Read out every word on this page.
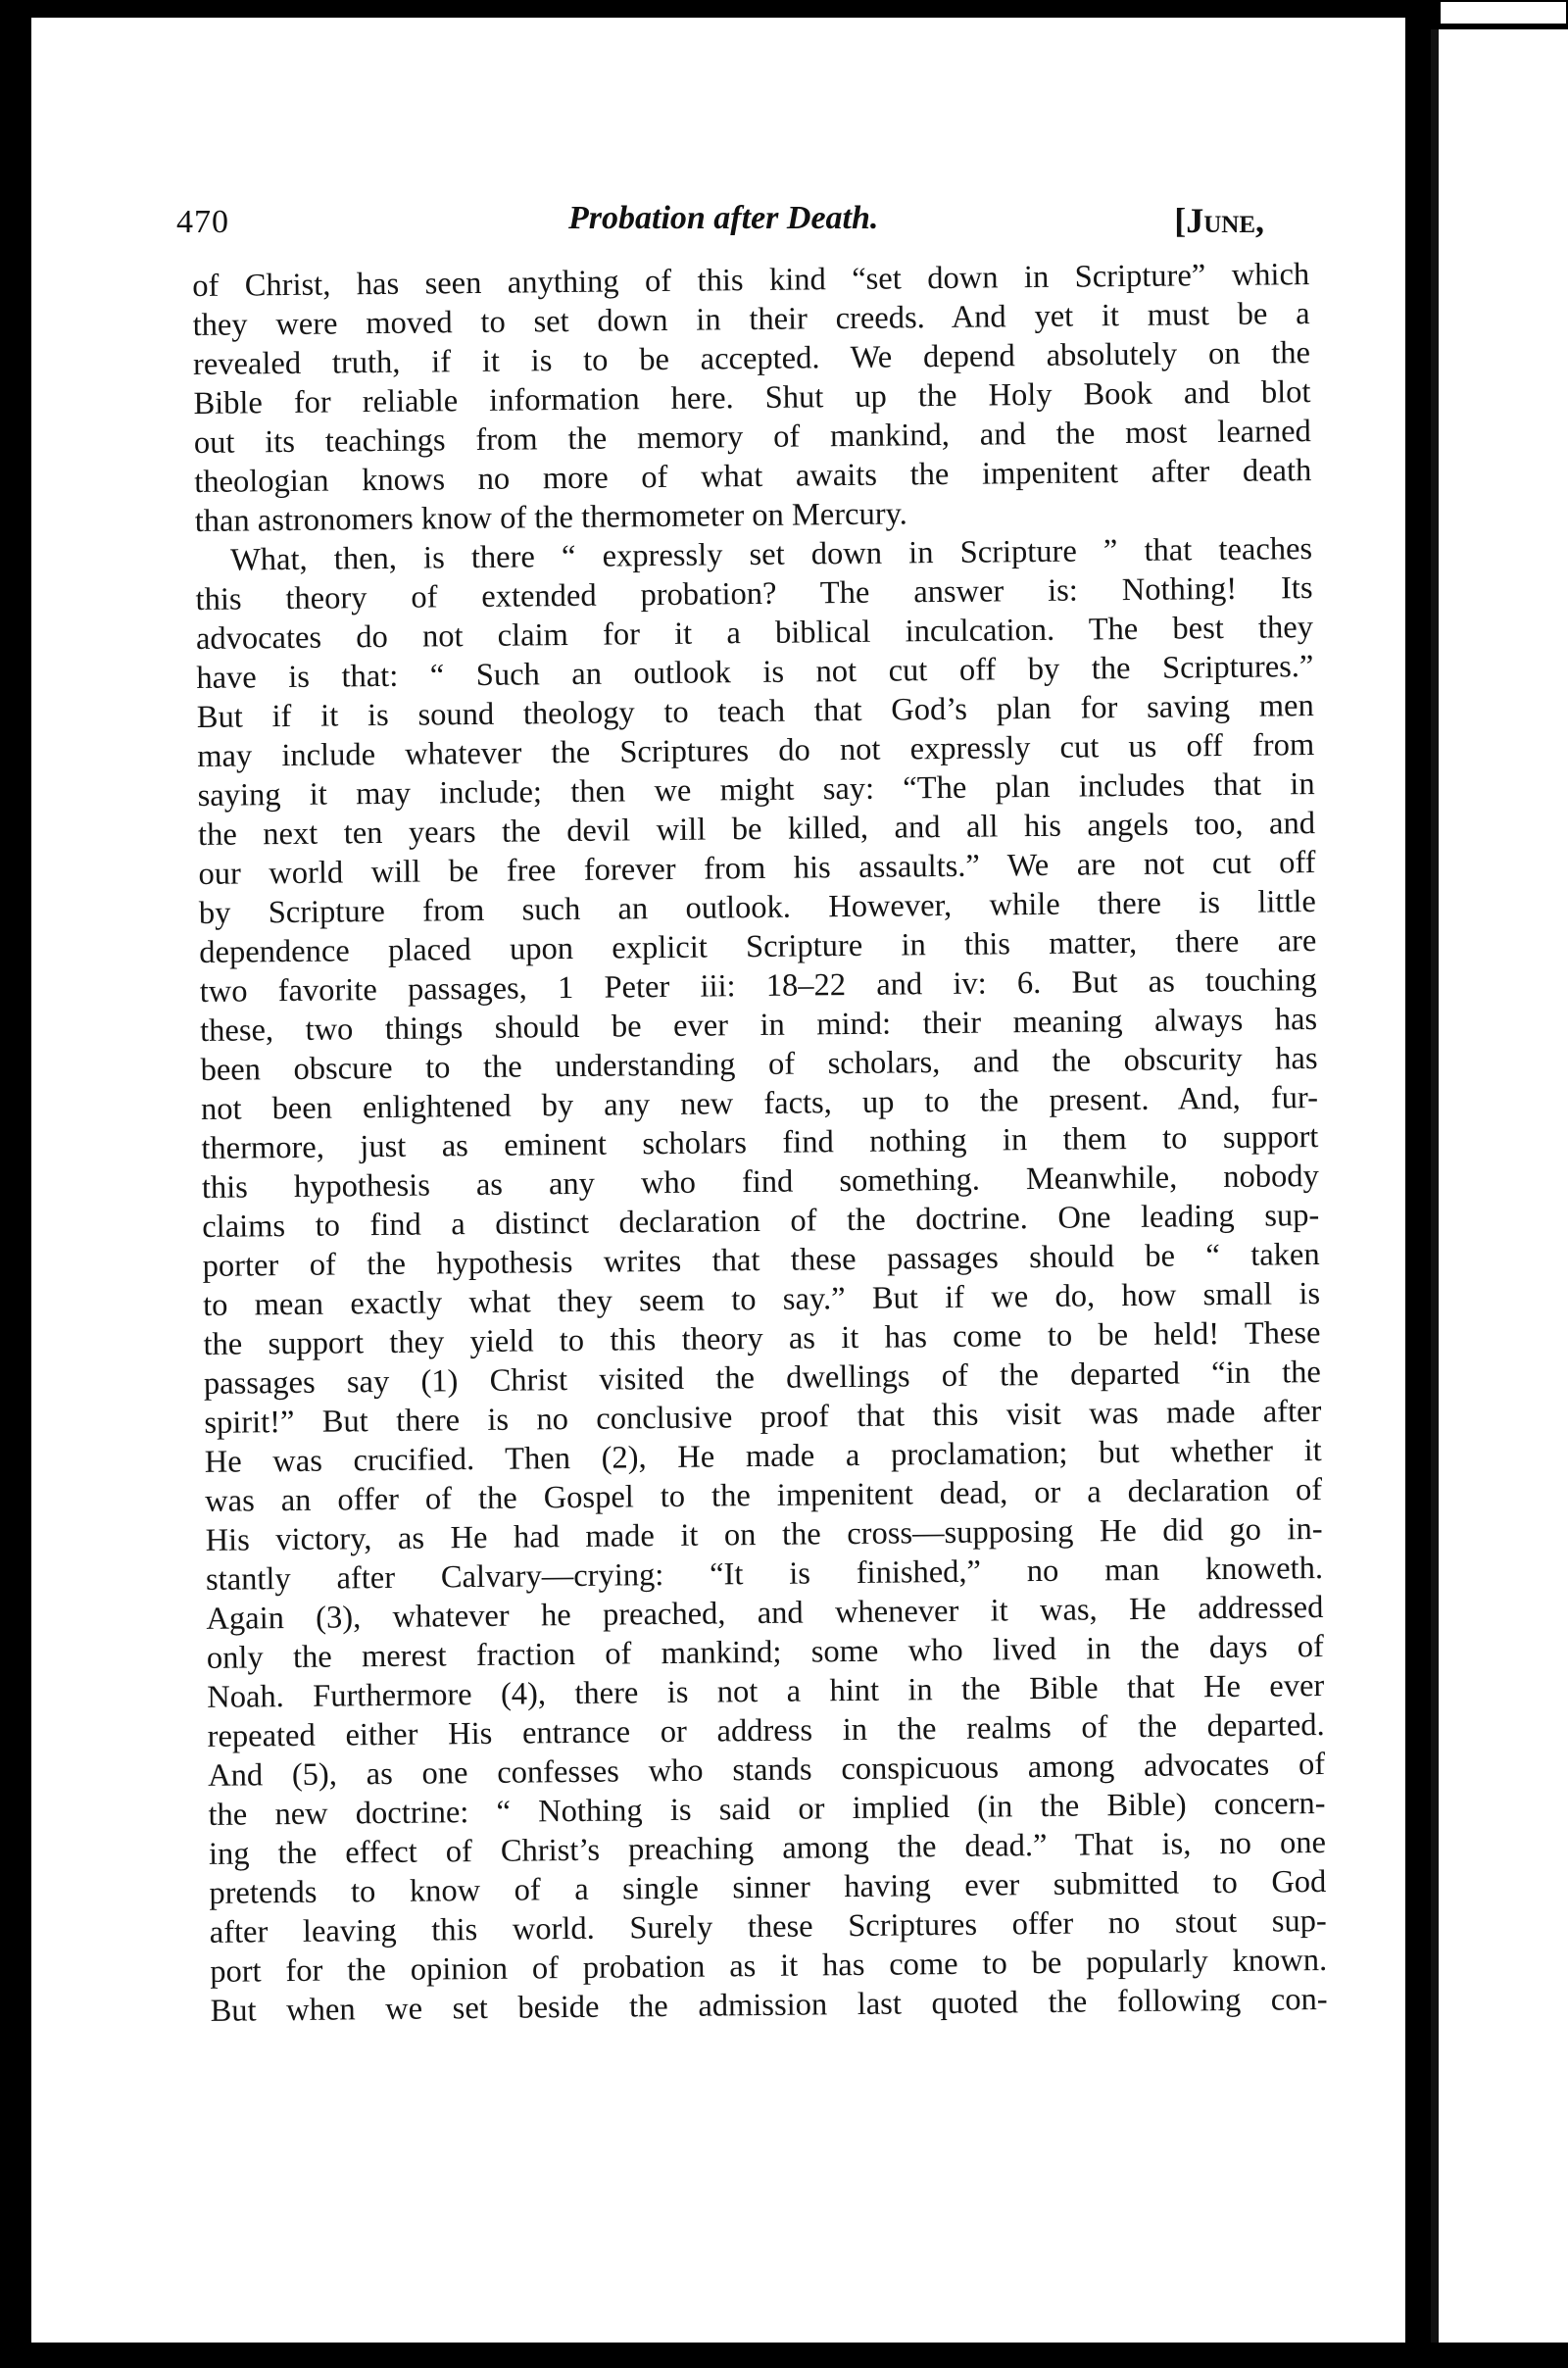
470	Probation after Death.	[June,
of Christ, has seen anything of this kind “set down in Scripture” which
they were moved to set down in their creeds. And yet it must be a
revealed truth, if it is to be accepted. We depend absolutely on the
Bible for reliable information here. Shut up the Holy Book and blot
out its teachings from the memory of mankind, and the most learned
theologian knows no more of what awaits the impenitent after death
than astronomers know of the thermometer on Mercury.
What, then, is there “ expressly set down in Scripture ” that teaches
this theory of extended probation? The answer is: Nothing! Its
advocates do not claim for it a biblical inculcation. The best they
have is that: “ Such an outlook is not cut off by the Scriptures.”
But if it is sound theology to teach that God’s plan for saving men
may include whatever the Scriptures do not expressly cut us off from
saying it may include; then we might say: “The plan includes that in
the next ten years the devil will be killed, and all his angels too, and
our world will be free forever from his assaults.” We are not cut off
by Scripture from such an outlook. However, while there is little
dependence placed upon explicit Scripture in this matter, there are
two favorite passages, 1 Peter iii: 18–22 and iv: 6. But as touching
these, two things should be ever in mind: their meaning always has
been obscure to the understanding of scholars, and the obscurity has
not been enlightened by any new facts, up to the present. And, fur-
thermore, just as eminent scholars find nothing in them to support
this hypothesis as any who find something. Meanwhile, nobody
claims to find a distinct declaration of the doctrine. One leading sup-
porter of the hypothesis writes that these passages should be “ taken
to mean exactly what they seem to say.” But if we do, how small is
the support they yield to this theory as it has come to be held! These
passages say (1) Christ visited the dwellings of the departed “in the
spirit!” But there is no conclusive proof that this visit was made after
He was crucified. Then (2), He made a proclamation; but whether it
was an offer of the Gospel to the impenitent dead, or a declaration of
His victory, as He had made it on the cross—supposing He did go in-
stantly after Calvary—crying: “It is finished,” no man knoweth.
Again (3), whatever he preached, and whenever it was, He addressed
only the merest fraction of mankind; some who lived in the days of
Noah. Furthermore (4), there is not a hint in the Bible that He ever
repeated either His entrance or address in the realms of the departed.
And (5), as one confesses who stands conspicuous among advocates of
the new doctrine: “ Nothing is said or implied (in the Bible) concern-
ing the effect of Christ’s preaching among the dead.” That is, no one
pretends to know of a single sinner having ever submitted to God
after leaving this world. Surely these Scriptures offer no stout sup-
port for the opinion of probation as it has come to be popularly known.
But when we set beside the admission last quoted the following con-
